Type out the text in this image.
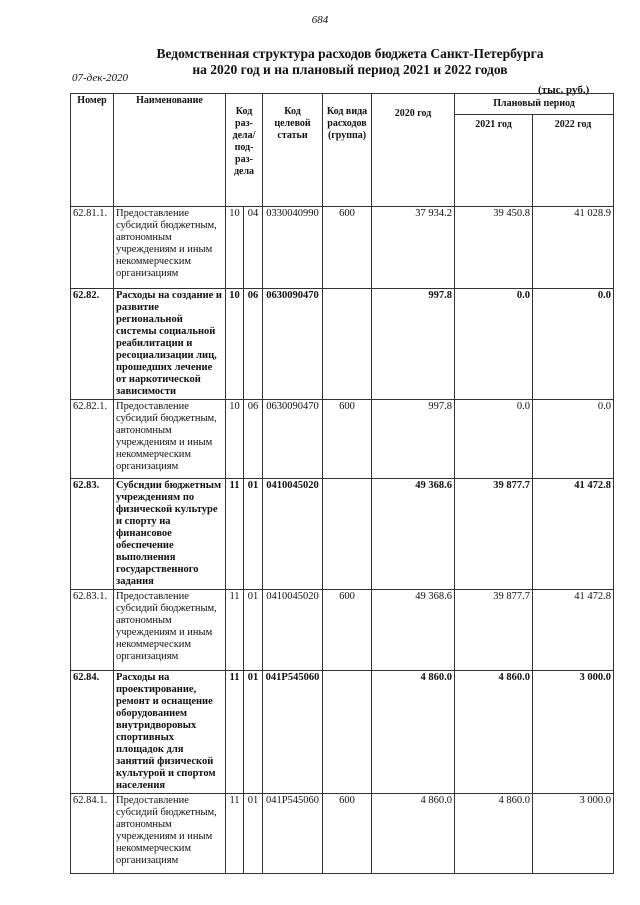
684
Ведомственная структура расходов бюджета Санкт-Петербурга
на 2020 год и на плановый период 2021 и 2022 годов
07-дек-2020
(тыс. руб.)
Номер	Наименование	Код раз- дела/ под- раз- дела		Код целевой статьи	Код вида расходов (группа)	2020 год	Плановый период	
							2021 год	2022 год
62.81.1.	Предоставление субсидий бюджетным, автономным учреждениям и иным некоммерческим организациям	10	04	0330040990	600	37 934.2	39 450.8	41 028.9
62.82.	Расходы на создание и развитие региональной системы социальной реабилитации и ресоциализации лиц, прошедших лечение от наркотической зависимости	10	06	0630090470		997.8	0.0	0.0
62.82.1.	Предоставление субсидий бюджетным, автономным учреждениям и иным некоммерческим организациям	10	06	0630090470	600	997.8	0.0	0.0
62.83.	Субсидии бюджетным учреждениям по физической культуре и спорту на финансовое обеспечение выполнения государственного задания	11	01	0410045020		49 368.6	39 877.7	41 472.8
62.83.1.	Предоставление субсидий бюджетным, автономным учреждениям и иным некоммерческим организациям	11	01	0410045020	600	49 368.6	39 877.7	41 472.8
62.84.	Расходы на проектирование, ремонт и оснащение оборудованием внутридворовых спортивных площадок для занятий физической культурой и спортом населения	11	01	041P545060		4 860.0	4 860.0	3 000.0
62.84.1.	Предоставление субсидий бюджетным, автономным учреждениям и иным некоммерческим организациям	11	01	041P545060	600	4 860.0	4 860.0	3 000.0
